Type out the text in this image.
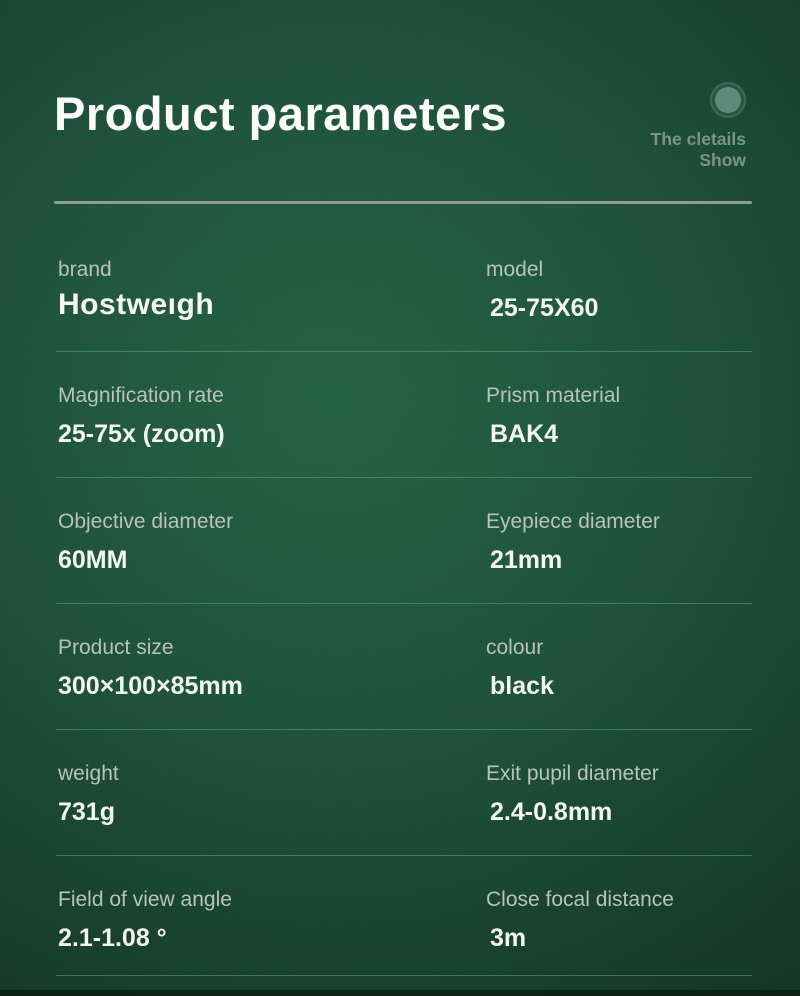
Product parameters	The cletails
Show
brand
Hostweıgh
model
25-75X60
Magnification rate
25-75x (zoom)
Prism material
BAK4
Objective diameter
60MM
Eyepiece diameter
21mm
Product size
300×100×85mm
colour
black
weight
731g
Exit pupil diameter
2.4-0.8mm
Field of view angle
2.1-1.08 °
Close focal distance
3m
